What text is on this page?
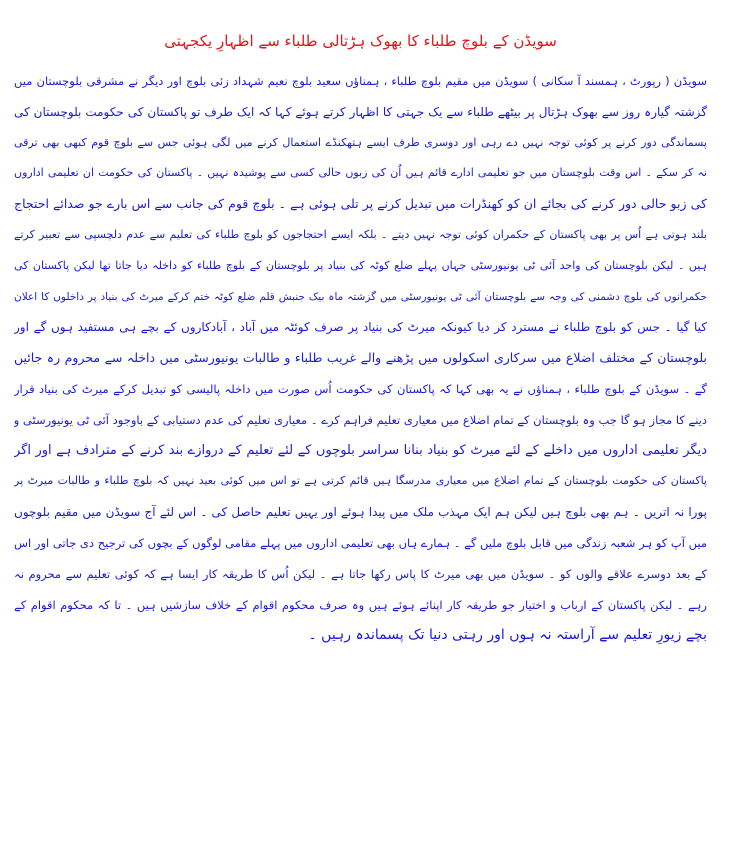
سویڈن کے بلوچ طلباء کا بھوک ہڑتالی طلباء سے اظہارِ یکجہتی

سویڈن ( رپورٹ ، ہمسند آ سکانی ) سویڈن میں مقیم بلوچ طلباء ، ہمناؤں سعید بلوچ نعیم شہداد زئی بلوچ اور دیگر نے مشرقی بلوچستان میں

گزشتہ گیارہ روز سے بھوک ہڑتال پر بیٹھے طلباء سے یک جہتی کا اظہار کرتے ہوئے کہا کہ ایک طرف تو پاکستان کی حکومت بلوچستان کی

پسماندگی دور کرنے پر کوئی توجہ نہیں دے رہی اور دوسری طرف ایسے ہتھکنڈے استعمال کرنے میں لگی ہوئی جس سے بلوچ قوم کبھی بھی ترقی

نہ کر سکے ۔ اس وقت بلوچستان میں جو تعلیمی ادارے قائم ہیں اُن کی زبوں حالی کسی سے پوشیدہ نہیں ۔ پاکستان کی حکومت ان تعلیمی اداروں

کی زبو حالی دور کرنے کی بجائے ان کو کھنڈرات میں تبدیل کرنے پر تلی ہوئی ہے ۔ بلوچ قوم کی جانب سے اس بارے جو صدائے احتجاج

بلند ہوتی ہے اُس پر بھی پاکستان کے حکمران کوئی توجہ نہیں دیتے ۔ بلکہ ایسے احتجاجوں کو بلوچ طلباء کی تعلیم سے عدم دلچسپی سے تعبیر کرتے

ہیں ۔ لیکن بلوچستان کی واحد آئی ٹی یونیورسٹی جہاں پہلے ضلع کوٹہ کی بنیاد پر بلوچستان کے بلوچ طلباء کو داخلہ دیا جاتا تھا لیکن پاکستان کی

حکمرانوں کی بلوچ دشمنی کی وجہ سے بلوچستان آئی ٹی یونیورسٹی میں گزشتہ ماہ بیک جنبش قلم ضلع کوٹہ ختم کرکے میرٹ کی بنیاد پر داخلوں کا اعلان

کیا گیا ۔ جس کو بلوچ طلباء نے مسترد کر دیا کیونکہ میرٹ کی بنیاد پر صرف کوئٹہ میں آباد ، آبادکاروں کے بچے ہی مستفید ہوں گے اور

بلوچستان کے مختلف اضلاع میں سرکاری اسکولوں میں پڑھنے والے غریب طلباء و طالبات یونیورسٹی میں داخلہ سے محروم رہ جائیں

گے ۔ سویڈن کے بلوچ طلباء ، ہمناؤں نے یہ بھی کہا کہ پاکستان کی حکومت اُس صورت میں داخلہ پالیسی کو تبدیل کرکے میرٹ کی بنیاد قرار

دینے کا مجاز ہو گا جب وہ بلوچستان کے تمام اضلاع میں معیاری تعلیم فراہم کرے ۔ معیاری تعلیم کی عدم دستیابی کے باوجود آئی ٹی یونیورسٹی و

دیگر تعلیمی اداروں میں داخلے کے لئے میرٹ کو بنیاد بنانا سراسر بلوچوں کے لئے تعلیم کے دروازے بند کرنے کے مترادف ہے اور اگر

پاکستان کی حکومت بلوچستان کے تمام اضلاع میں معیاری مدرسگا ہیں قائم کرتی ہے تو اس میں کوئی بعید نہیں کہ بلوچ طلباء و طالبات میرٹ پر

پورا نہ اتریں ۔ ہم بھی بلوچ ہیں لیکن ہم ایک مہذب ملک میں پیدا ہوئے اور یہیں تعلیم حاصل کی ۔ اس لئے آج سویڈن میں مقیم بلوچوں

میں آپ کو ہر شعبہ زندگی میں قابل بلوچ ملیں گے ۔ ہمارے ہاں بھی تعلیمی اداروں میں پہلے مقامی لوگوں کے بچوں کی ترجیح دی جاتی اور اس

کے بعد دوسرے علاقے والوں کو ۔ سویڈن میں بھی میرٹ کا پاس رکھا جاتا ہے ۔ لیکن اُس کا طریقہ کار ایسا ہے کہ کوئی تعلیم سے محروم نہ

رہے ۔ لیکن پاکستان کے ارباب و اختیار جو طریقہ کار اپنائے ہوئے ہیں وہ صرف محکوم اقوام کے خلاف سازشیں ہیں ۔ تا کہ محکوم اقوام کے

بچے زیورِ تعلیم سے آراستہ نہ ہوں اور رہتی دنیا تک پسماندہ رہیں ۔
